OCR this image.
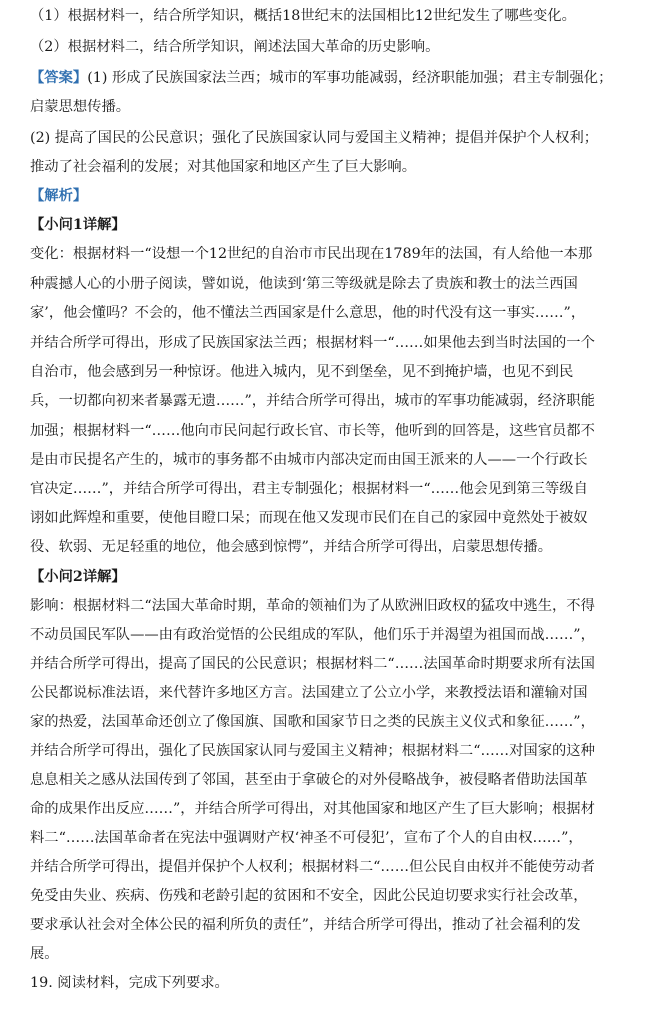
（1）根据材料一，结合所学知识，概括18世纪末的法国相比12世纪发生了哪些变化。
（2）根据材料二，结合所学知识，阐述法国大革命的历史影响。
【答案】(1) 形成了民族国家法兰西；城市的军事功能减弱，经济职能加强；君主专制强化；
启蒙思想传播。
(2) 提高了国民的公民意识；强化了民族国家认同与爱国主义精神；提倡并保护个人权利；
推动了社会福利的发展；对其他国家和地区产生了巨大影响。
【解析】
【小问1详解】
变化：根据材料一“设想一个12世纪的自治市市民出现在1789年的法国，有人给他一本那
种震撼人心的小册子阅读，譬如说，他读到‘第三等级就是除去了贵族和教士的法兰西国
家’，他会懂吗？不会的，他不懂法兰西国家是什么意思，他的时代没有这一事实……”，
并结合所学可得出，形成了民族国家法兰西；根据材料一“……如果他去到当时法国的一个
自治市，他会感到另一种惊讶。他进入城内，见不到堡垒，见不到掩护墙，也见不到民
兵，一切都向初来者暴露无遗……”，并结合所学可得出，城市的军事功能减弱，经济职能
加强；根据材料一“……他向市民问起行政长官、市长等，他听到的回答是，这些官员都不
是由市民提名产生的，城市的事务都不由城市内部决定而由国王派来的人——一个行政长
官决定……”，并结合所学可得出，君主专制强化；根据材料一“……他会见到第三等级自
诩如此辉煌和重要，使他目瞪口呆；而现在他又发现市民们在自己的家园中竟然处于被奴
役、软弱、无足轻重的地位，他会感到惊愕”，并结合所学可得出，启蒙思想传播。
【小问2详解】
影响：根据材料二“法国大革命时期，革命的领袖们为了从欧洲旧政权的猛攻中逃生，不得
不动员国民军队——由有政治觉悟的公民组成的军队，他们乐于并渴望为祖国而战……”，
并结合所学可得出，提高了国民的公民意识；根据材料二“……法国革命时期要求所有法国
公民都说标准法语，来代替许多地区方言。法国建立了公立小学，来教授法语和灌输对国
家的热爱，法国革命还创立了像国旗、国歌和国家节日之类的民族主义仪式和象征……”，
并结合所学可得出，强化了民族国家认同与爱国主义精神；根据材料二“……对国家的这种
息息相关之感从法国传到了邻国，甚至由于拿破仑的对外侵略战争，被侵略者借助法国革
命的成果作出反应……”，并结合所学可得出，对其他国家和地区产生了巨大影响；根据材
料二“……法国革命者在宪法中强调财产权‘神圣不可侵犯’，宣布了个人的自由权……”，
并结合所学可得出，提倡并保护个人权利；根据材料二“……但公民自由权并不能使劳动者
免受由失业、疾病、伤残和老龄引起的贫困和不安全，因此公民迫切要求实行社会改革，
要求承认社会对全体公民的福利所负的责任”，并结合所学可得出，推动了社会福利的发
展。
19. 阅读材料，完成下列要求。
